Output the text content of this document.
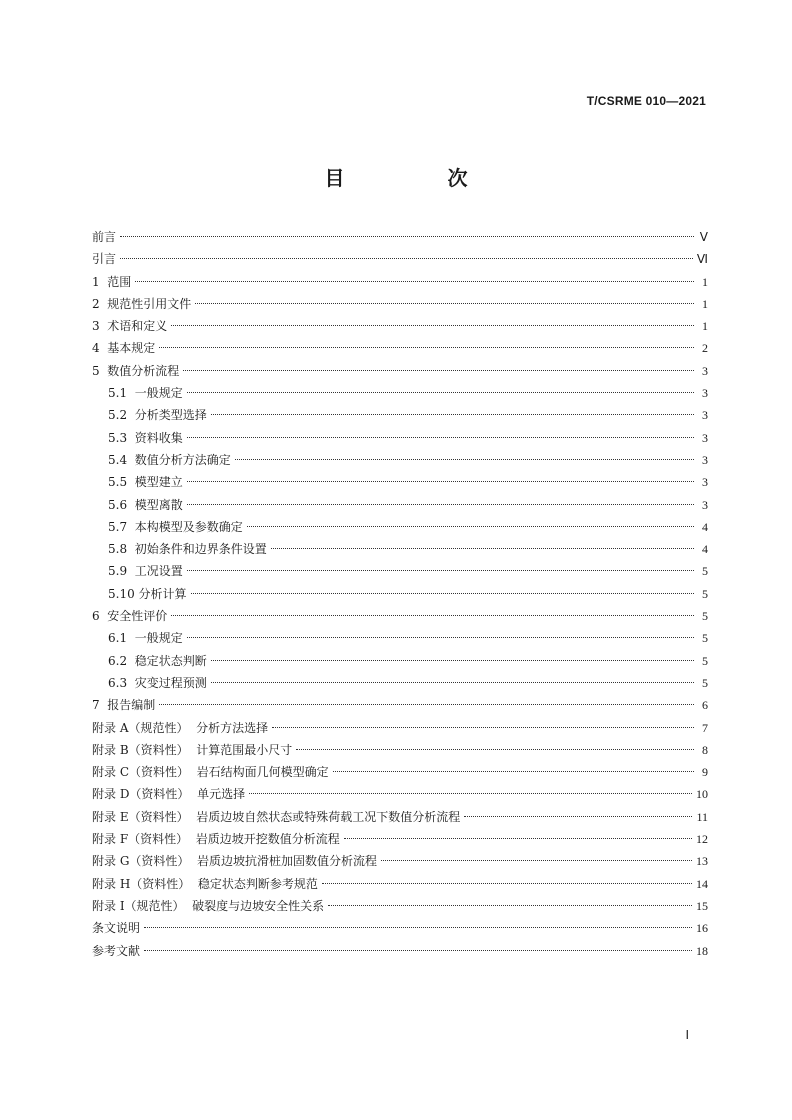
T/CSRME 010—2021
目 次
前言	Ⅴ
引言	Ⅵ
1  范围	1
2  规范性引用文件	1
3  术语和定义	1
4  基本规定	2
5  数值分析流程	3
5.1  一般规定	3
5.2  分析类型选择	3
5.3  资料收集	3
5.4  数值分析方法确定	3
5.5  模型建立	3
5.6  模型离散	3
5.7  本构模型及参数确定	4
5.8  初始条件和边界条件设置	4
5.9  工况设置	5
5.10 分析计算	5
6  安全性评价	5
6.1  一般规定	5
6.2  稳定状态判断	5
6.3  灾变过程预测	5
7  报告编制	6
附录 A（规范性）  分析方法选择	7
附录 B（资料性）  计算范围最小尺寸	8
附录 C（资料性）  岩石结构面几何模型确定	9
附录 D（资料性）  单元选择	10
附录 E（资料性）  岩质边坡自然状态或特殊荷载工况下数值分析流程	11
附录 F（资料性）  岩质边坡开挖数值分析流程	12
附录 G（资料性）  岩质边坡抗滑桩加固数值分析流程	13
附录 H（资料性）  稳定状态判断参考规范	14
附录 I（规范性）  破裂度与边坡安全性关系	15
条文说明	16
参考文献	18
Ⅰ
